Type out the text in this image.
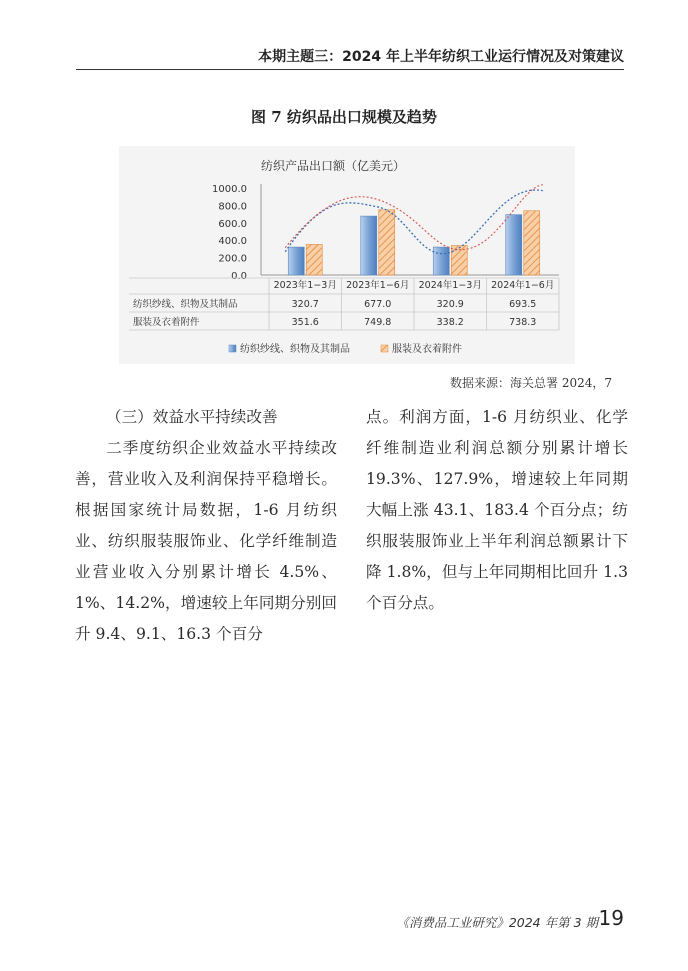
本期主题三：2024 年上半年纺织工业运行情况及对策建议
图 7 纺织品出口规模及趋势
纺织产品出口额（亿美元）
1000.0
800.0
600.0
400.0
200.0
0.0
2023年1−3月 2023年1−6月 2024年1−3月 2024年1−6月
纺织纱线、织物及其制品	320.7	677.0	320.9	693.5
服装及衣着附件	351.6	749.8	338.2	738.3
纺织纱线、织物及其制品	服装及衣着附件
数据来源：海关总署 2024，7
（三）效益水平持续改善

二季度纺织企业效益水平持续改善，营业收入及利润保持平稳增长。根据国家统计局数据，1-6 月纺织业、纺织服装服饰业、化学纤维制造业营业收入分别累计增长 4.5%、1%、14.2%，增速较上年同期分别回升 9.4、9.1、16.3 个百分

点。利润方面，1-6 月纺织业、化学纤维制造业利润总额分别累计增长 19.3%、127.9%，增速较上年同期大幅上涨 43.1、183.4 个百分点；纺织服装服饰业上半年利润总额累计下降 1.8%，但与上年同期相比回升 1.3 个百分点。

《消费品工业研究》2024 年第 3 期 19
